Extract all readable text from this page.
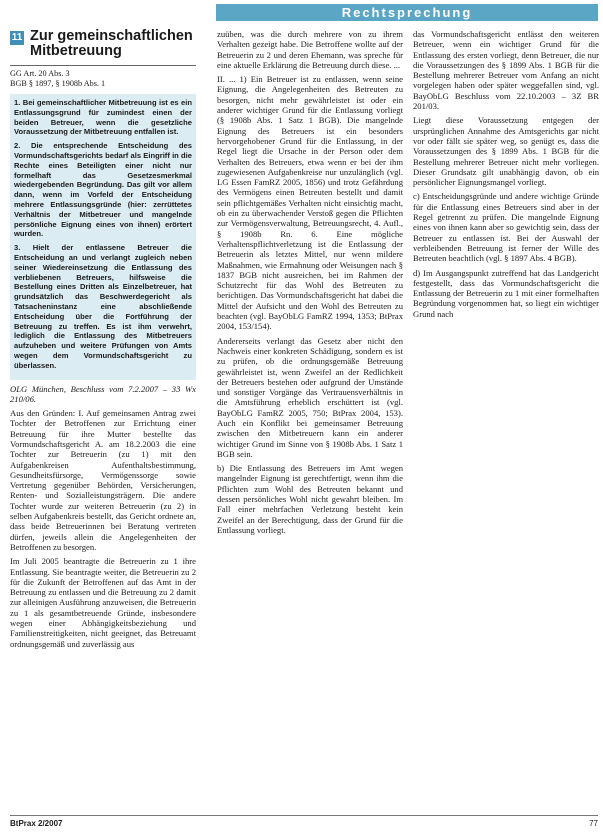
Rechtsprechung
11 Zur gemeinschaftlichen Mitbetreuung
GG Art. 20 Abs. 3
BGB § 1897, § 1908b Abs. 1

1. Bei gemeinschaftlicher Mitbetreuung ist es ein Entlassungsgrund für zumindest einen der beiden Betreuer, wenn die gesetzliche Voraussetzung der Mitbetreuung entfallen ist.

2. Die entsprechende Entscheidung des Vormundschaftsgerichts bedarf als Eingriff in die Rechte eines Beteiligten einer nicht nur formelhaft das Gesetzesmerkmal wiedergebenden Begründung. Das gilt vor allem dann, wenn im Vorfeld der Entscheidung mehrere Entlassungsgründe (hier: zerrüttetes Verhältnis der Mitbetreuer und mangelnde persönliche Eignung eines von ihnen) erörtert wurden.

3. Hielt der entlassene Betreuer die Entscheidung an und verlangt zugleich neben seiner Wiedereinsetzung die Entlassung des verbliebenen Betreuers, hilfsweise die Bestellung eines Dritten als Einzelbetreuer, hat grundsätzlich das Beschwerdegericht als Tatsacheninstanz eine abschließende Entscheidung über die Fortführung der Betreuung zu treffen. Es ist ihm verwehrt, lediglich die Entlassung des Mitbetreuers aufzuheben und weitere Prüfungen von Amts wegen dem Vormundschaftsgericht zu überlassen.

OLG München, Beschluss vom 7.2.2007 – 33 Wx 210/06.

Aus den Gründen: I. Auf gemeinsamen Antrag zwei Tochter der Betroffenen zur Errichtung einer Betreuung für ihre Mutter bestellte das Vormundschaftsgericht A. am 18.2.2003 die eine Tochter zur Betreuerin (zu 1) mit den Aufgabenkreisen Aufenthaltsbestimmung, Gesundheitsfürsorge, Vermögenssorge sowie Vertretung gegenüber Behörden, Versicherungen, Renten- und Sozialleistungsträgern. Die andere Tochter wurde zur weiteren Betreuerin (zu 2) in selben Aufgabenkreis bestellt, das Gericht ordnete an, dass beide Betreuerinnen bei Beratung vertreten dürfen, jeweils allein die Angelegenheiten der Betroffenen zu besorgen.

Im Juli 2005 beantragte die Betreuerin zu 1 ihre Entlassung. Sie beantragte weiter, die Betreuerin zu 2 für die Zukunft der Betroffenen auf das Amt in der Betreuung zu entlassen und die Betreuung zu 2 damit zur alleinigen Ausführung anzuweisen, die Betreuerin zu 1 als gesamtbetreuende Gründe, insbesondere wegen einer Abhängigkeitsbeziehung und Familienstreitigkeiten, nicht geeignet, das Betreuamt ordnungsgemäß und zuverlässig aus

zuüben, was die durch mehrere von zu ihrem Verhalten gezeigt habe. Die Betroffene wollte auf der Betreuerin zu 2 und deren Ehemann, was spreche für eine aktuelle Erklärung die Betreuung durch diese. ...

II. ... 1) Ein Betreuer ist zu entlassen, wenn seine Eignung, die Angelegenheiten des Betreuten zu besorgen, nicht mehr gewährleistet ist oder ein anderer wichtiger Grund für die Entlassung vorliegt (§ 1908b Abs. 1 Satz 1 BGB). Die mangelnde Eignung des Betreuers ist ein besonders hervorgehobener Grund für die Entlassung, in der Regel liegt die Ursache in der Person oder dem Verhalten des Betreuers, etwa wenn er bei der ihm zugewiesenen Aufgabenkreise nur unzulänglich (vgl. LG Essen FamRZ 2005, 1856) und trotz Gefährdung des Vermögens einen Betreuten bestellt und damit sein pflichtgemäßes Verhalten nicht einsichtig macht, ob ein zu überwachender Verstoß gegen die Pflichten zur Vermögensverwaltung, Betreuungsrecht, 4. Aufl., § 1908b Rn. 6. Eine mögliche Verhaltenspflichtverletzung ist die Entlassung der Betreuerin als letztes Mittel, nur wenn mildere Maßnahmen, wie Ermahnung oder Weisungen nach § 1837 BGB nicht ausreichen, bei im Rahmen der Schutzrecht für das Wohl des Betreuten zu berichtigen. Das Vormundschaftsgericht hat dabei die Mittel der Aufsicht und den Wohl des Betreuten zu beachten (vgl. BayObLG FamRZ 1994, 1353; BtPrax 2004, 153/154).

Andererseits verlangt das Gesetz aber nicht den Nachweis einer konkreten Schädigung, sondern es ist zu prüfen, ob die ordnungsgemäße Betreuung gewährleistet ist, wenn Zweifel an der Redlichkeit der Betreuers bestehen oder aufgrund der Umstände und sonstiger Vorgänge das Vertrauensverhältnis in die Amtsführung erheblich erschüttert ist (vgl. BayObLG FamRZ 2005, 750; BtPrax 2004, 153). Auch ein Konflikt bei gemeinsamer Betreuung zwischen den Mitbetreuern kann ein anderer wichtiger Grund im Sinne von § 1908b Abs. 1 Satz 1 BGB sein.

b) Die Entlassung des Betreuers im Amt wegen mangelnder Eignung ist gerechtfertigt, wenn ihm die Pflichten zum Wohl des Betreuten bekannt und dessen persönliches Wohl nicht gewahrt bleiben. Im Fall einer mehrfachen Verletzung besteht kein Zweifel an der Berechtigung, dass der Grund für die Entlassung vorliegt.

das Vormundschaftsgericht entlässt den weiteren Betreuer, wenn ein wichtiger Grund für die Entlassung des ersten vorliegt, denn Betreuer, die nur die Voraussetzungen des § 1899 Abs. 1 BGB für die Bestellung mehrerer Betreuer vom Anfang an nicht vorgelegen haben oder später weggefallen sind, vgl. BayObLG Beschluss vom 22.10.2003 – 3Z BR 201/03.

Liegt diese Voraussetzung entgegen der ursprünglichen Annahme des Amtsgerichts gar nicht vor oder fällt sie später weg, so genügt es, dass die Voraussetzungen des § 1899 Abs. 1 BGB für die Bestellung mehrerer Betreuer nicht mehr vorliegen. Dieser Grundsatz gilt unabhängig davon, ob ein persönlicher Eignungsmangel vorliegt.

c) Entscheidungsgründe und andere wichtige Gründe für die Entlassung eines Betreuers sind aber in der Regel getrennt zu prüfen. Die mangelnde Eignung eines von ihnen kann aber so gewichtig sein, dass der Betreuer zu entlassen ist. Bei der Auswahl der verbleibenden Betreuung ist ferner der Wille des Betreuten beachtlich (vgl. § 1897 Abs. 4 BGB).

d) Im Ausgangspunkt zutreffend hat das Landgericht festgestellt, dass das Vormundschaftsgericht die Entlassung der Betreuerin zu 1 mit einer formelhaften Begründung vorgenommen hat, so liegt ein wichtiger Grund nach

BtPrax 2/2007	77
